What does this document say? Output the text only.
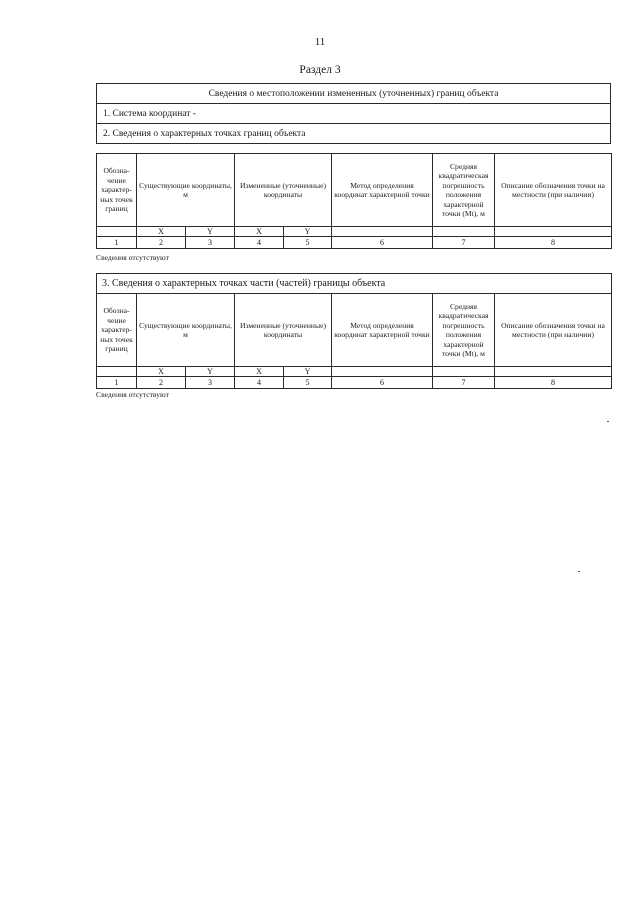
11
Раздел 3
Сведения о местоположении измененных (уточненных) границ объекта
1. Система координат -
2. Сведения о характерных точках границ объекта
Обозна-чение характер-ных точек границ	Существующие координаты, м		Измененные (уточненные) координаты		Метод определения координат характерной точки	Средняя квадратическая погрешность положения характерной точки (Mt), м	Описание обозначения точки на местности (при наличии)
	X	Y	X	Y			
1	2	3	4	5	6	7	8
Сведения отсутствуют
3. Сведения о характерных точках части (частей) границы объекта							
Обозна-чение характер-ных точек границ	Существующие координаты, м		Измененные (уточненные) координаты		Метод определения координат характерной точки	Средняя квадратическая погрешность положения характерной точки (Mt), м	Описание обозначения точки на местности (при наличии)
	X	Y	X	Y			
1	2	3	4	5	6	7	8
Сведения отсутствуют
